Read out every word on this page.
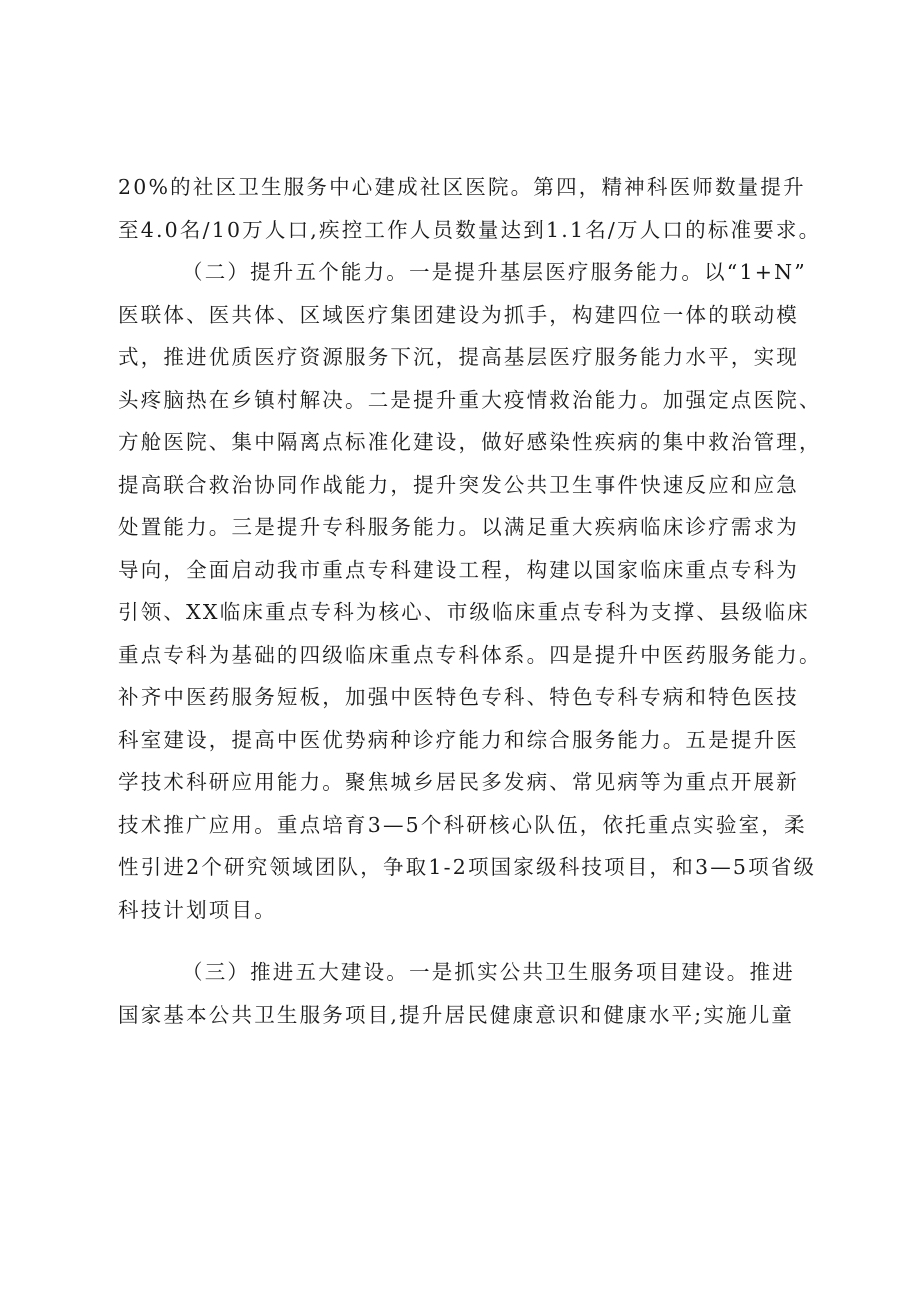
20%的社区卫生服务中心建成社区医院。第四，精神科医师数量提升
至4.0名/10万人口,疾控工作人员数量达到1.1名/万人口的标准要求。
（二）提升五个能力。一是提升基层医疗服务能力。以“1+N”
医联体、医共体、区域医疗集团建设为抓手，构建四位一体的联动模
式，推进优质医疗资源服务下沉，提高基层医疗服务能力水平，实现
头疼脑热在乡镇村解决。二是提升重大疫情救治能力。加强定点医院、
方舱医院、集中隔离点标准化建设，做好感染性疾病的集中救治管理，
提高联合救治协同作战能力，提升突发公共卫生事件快速反应和应急
处置能力。三是提升专科服务能力。以满足重大疾病临床诊疗需求为
导向，全面启动我市重点专科建设工程，构建以国家临床重点专科为
引领、XX临床重点专科为核心、市级临床重点专科为支撑、县级临床
重点专科为基础的四级临床重点专科体系。四是提升中医药服务能力。
补齐中医药服务短板，加强中医特色专科、特色专科专病和特色医技
科室建设，提高中医优势病种诊疗能力和综合服务能力。五是提升医
学技术科研应用能力。聚焦城乡居民多发病、常见病等为重点开展新
技术推广应用。重点培育3—5个科研核心队伍，依托重点实验室，柔
性引进2个研究领域团队，争取1-2项国家级科技项目，和3—5项省级
科技计划项目。
（三）推进五大建设。一是抓实公共卫生服务项目建设。推进
国家基本公共卫生服务项目,提升居民健康意识和健康水平;实施儿童
